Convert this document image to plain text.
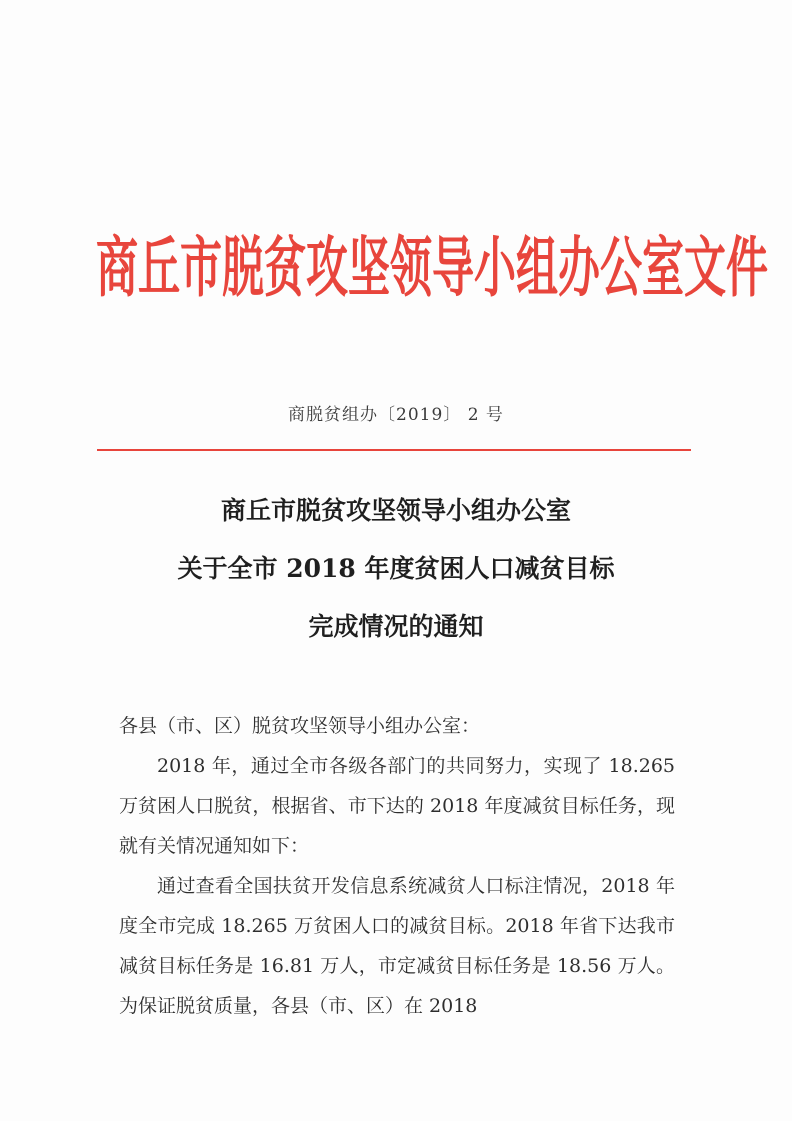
商丘市脱贫攻坚领导小组办公室文件
商脱贫组办〔2019〕 2 号
商丘市脱贫攻坚领导小组办公室
关于全市 2018 年度贫困人口减贫目标
完成情况的通知

各县（市、区）脱贫攻坚领导小组办公室：

2018 年，通过全市各级各部门的共同努力，实现了 18.265 万贫困人口脱贫，根据省、市下达的 2018 年度减贫目标任务，现就有关情况通知如下：

通过查看全国扶贫开发信息系统减贫人口标注情况，2018 年度全市完成 18.265 万贫困人口的减贫目标。2018 年省下达我市减贫目标任务是 16.81 万人，市定减贫目标任务是 18.56 万人。为保证脱贫质量，各县（市、区）在 2018
